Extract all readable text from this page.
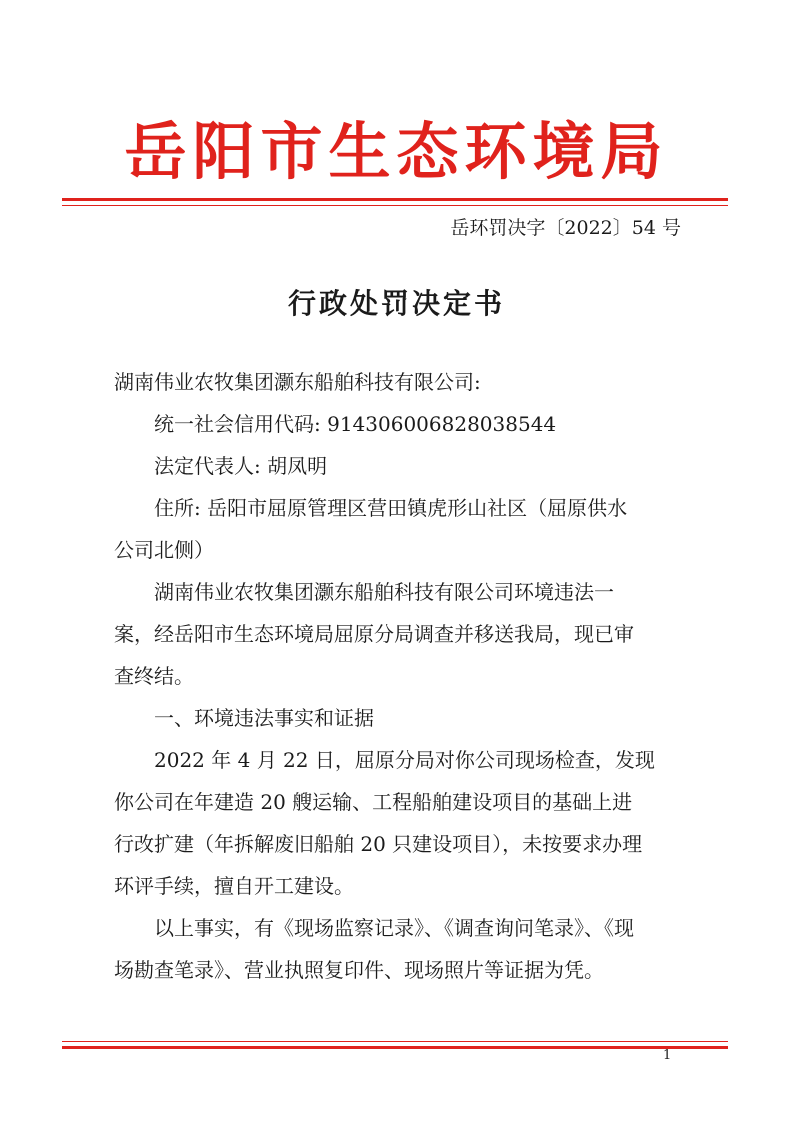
岳阳市生态环境局
岳环罚决字〔2022〕54 号
行政处罚决定书

湖南伟业农牧集团灏东船舶科技有限公司:

统一社会信用代码: 914306006828038544

法定代表人: 胡凤明

住所: 岳阳市屈原管理区营田镇虎形山社区（屈原供水

公司北侧）

湖南伟业农牧集团灏东船舶科技有限公司环境违法一

案，经岳阳市生态环境局屈原分局调查并移送我局，现已审

查终结。

一、环境违法事实和证据

2022 年 4 月 22 日，屈原分局对你公司现场检查，发现

你公司在年建造 20 艘运输、工程船舶建设项目的基础上进

行改扩建（年拆解废旧船舶 20 只建设项目），未按要求办理

环评手续，擅自开工建设。

以上事实，有《现场监察记录》、《调查询问笔录》、《现

场勘查笔录》、营业执照复印件、现场照片等证据为凭。

1
